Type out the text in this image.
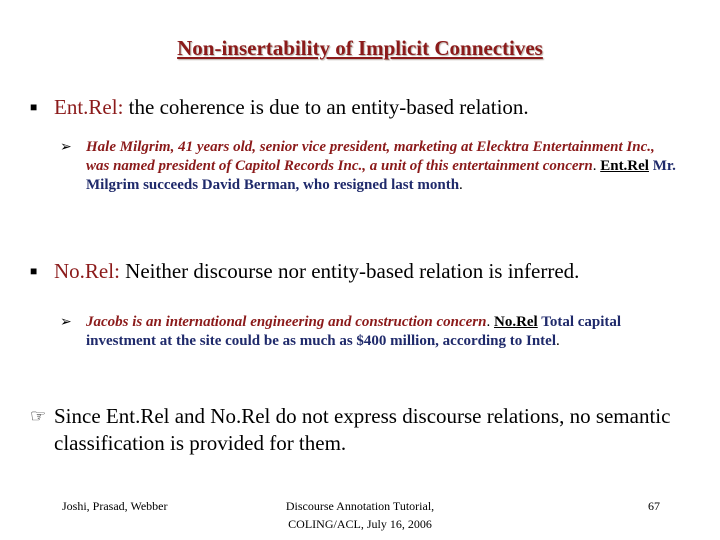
Non-insertability of Implicit Connectives
■ Ent.Rel: the coherence is due to an entity-based relation.
➢ Hale Milgrim, 41 years old, senior vice president, marketing at Elecktra Entertainment Inc., was named president of Capitol Records Inc., a unit of this entertainment concern. Ent.Rel Mr. Milgrim succeeds David Berman, who resigned last month.
■ No.Rel: Neither discourse nor entity-based relation is inferred.
➢ Jacobs is an international engineering and construction concern. No.Rel Total capital investment at the site could be as much as $400 million, according to Intel.
☞ Since Ent.Rel and No.Rel do not express discourse relations, no semantic classification is provided for them.
Joshi, Prasad, Webber	Discourse Annotation Tutorial,
COLING/ACL, July 16, 2006
67
